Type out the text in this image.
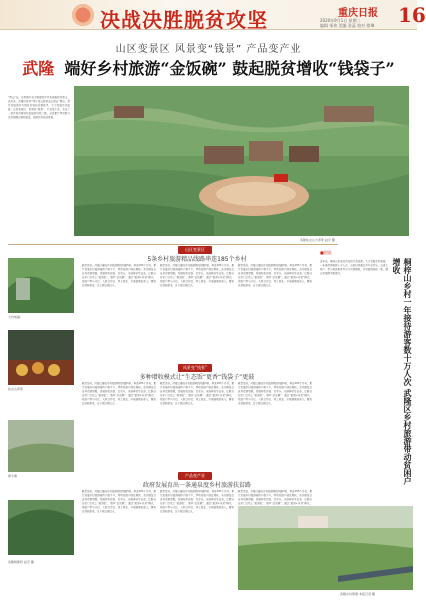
决战决胜脱贫攻坚	重庆日报
2020年9月1日 星期二
编辑 邹伟 美编 张蕊 校对 徐琳 16
山区变景区 风景变“钱景” 产品变产业
武隆 端好乡村旅游“金饭碗” 鼓起脱贫增收“钱袋子”
“两山”论，在我国生态文明建设中具有战略指导意义。近年来，武隆区坚持“绿水青山就是金山银山”理念，把乡村旅游作为脱贫攻坚的重要抓手，大力发展乡村旅游，山区变景区、风景变“钱景”、产品变产业，走出了一条具有武隆特色的旅游扶贫之路。全区累计带动数万名贫困群众增收致富，旅游扶贫成效显著。
武隆仙女山大草原 赵宇 摄
天坑地缝
仙女山草原
犀牛寨
武隆喀斯特 赵宇 摄
山区变景区
5条乡村旅游精品线路串连185个乡村
截至目前，武隆已建成乡村旅游精品线路5条，串连185个乡村，累计发展乡村旅游接待户数千户，带动贫困户就业增收。各乡镇结合自身资源禀赋，发展特色民宿、农家乐、采摘体验等业态，让群众在家门口吃上“旅游饭”，端牢“金饭碗”。通过“旅游+扶贫”模式，贫困户参与分红、入股合作社、务工就业，多渠道增加收入，腰包日渐鼓起来，日子越过越红火。
截至目前，武隆已建成乡村旅游精品线路5条，串连185个乡村，累计发展乡村旅游接待户数千户，带动贫困户就业增收。各乡镇结合自身资源禀赋，发展特色民宿、农家乐、采摘体验等业态，让群众在家门口吃上“旅游饭”，端牢“金饭碗”。通过“旅游+扶贫”模式，贫困户参与分红、入股合作社、务工就业，多渠道增加收入，腰包日渐鼓起来，日子越过越红火。
截至目前，武隆已建成乡村旅游精品线路5条，串连185个乡村，累计发展乡村旅游接待户数千户，带动贫困户就业增收。各乡镇结合自身资源禀赋，发展特色民宿、农家乐、采摘体验等业态，让群众在家门口吃上“旅游饭”，端牢“金饭碗”。通过“旅游+扶贫”模式，贫困户参与分红、入股合作社、务工就业，多渠道增加收入，腰包日渐鼓起来，日子越过越红火。
风景变“钱景”
多种增收模式让“生态饭”更香“钱袋子”更鼓
截至目前，武隆已建成乡村旅游精品线路5条，串连185个乡村，累计发展乡村旅游接待户数千户，带动贫困户就业增收。各乡镇结合自身资源禀赋，发展特色民宿、农家乐、采摘体验等业态，让群众在家门口吃上“旅游饭”，端牢“金饭碗”。通过“旅游+扶贫”模式，贫困户参与分红、入股合作社、务工就业，多渠道增加收入，腰包日渐鼓起来，日子越过越红火。
截至目前，武隆已建成乡村旅游精品线路5条，串连185个乡村，累计发展乡村旅游接待户数千户，带动贫困户就业增收。各乡镇结合自身资源禀赋，发展特色民宿、农家乐、采摘体验等业态，让群众在家门口吃上“旅游饭”，端牢“金饭碗”。通过“旅游+扶贫”模式，贫困户参与分红、入股合作社、务工就业，多渠道增加收入，腰包日渐鼓起来，日子越过越红火。
截至目前，武隆已建成乡村旅游精品线路5条，串连185个乡村，累计发展乡村旅游接待户数千户，带动贫困户就业增收。各乡镇结合自身资源禀赋，发展特色民宿、农家乐、采摘体验等业态，让群众在家门口吃上“旅游饭”，端牢“金饭碗”。通过“旅游+扶贫”模式，贫困户参与分红、入股合作社、务工就业，多渠道增加收入，腰包日渐鼓起来，日子越过越红火。
产品变产业
政府发展育出一条通泉度乡村旅游扶贫路
截至目前，武隆已建成乡村旅游精品线路5条，串连185个乡村，累计发展乡村旅游接待户数千户，带动贫困户就业增收。各乡镇结合自身资源禀赋，发展特色民宿、农家乐、采摘体验等业态，让群众在家门口吃上“旅游饭”，端牢“金饭碗”。通过“旅游+扶贫”模式，贫困户参与分红、入股合作社、务工就业，多渠道增加收入，腰包日渐鼓起来，日子越过越红火。
截至目前，武隆已建成乡村旅游精品线路5条，串连185个乡村，累计发展乡村旅游接待户数千户，带动贫困户就业增收。各乡镇结合自身资源禀赋，发展特色民宿、农家乐、采摘体验等业态，让群众在家门口吃上“旅游饭”，端牢“金饭碗”。通过“旅游+扶贫”模式，贫困户参与分红、入股合作社、务工就业，多渠道增加收入，腰包日渐鼓起来，日子越过越红火。
截至目前，武隆已建成乡村旅游精品线路5条，串连185个乡村，累计发展乡村旅游接待户数千户，带动贫困户就业增收。各乡镇结合自身资源禀赋，发展特色民宿、农家乐、采摘体验等业态，让群众在家门口吃上“旅游饭”，端牢“金饭碗”。通过“旅游+扶贫”模式，
■图说
桐梓山乡村一年接待游客数十万人次 武隆区乡村旅游带动贫困户增收
近年来，桐梓山乡依托良好的生态资源，大力发展乡村旅游，一年接待游客数十万人次。当地村民通过开办农家乐、出售土特产、参与景区服务等方式实现增收，乡村面貌焕然一新，群众幸福感不断提升。
武隆乡村荷塘 本报记者 摄
